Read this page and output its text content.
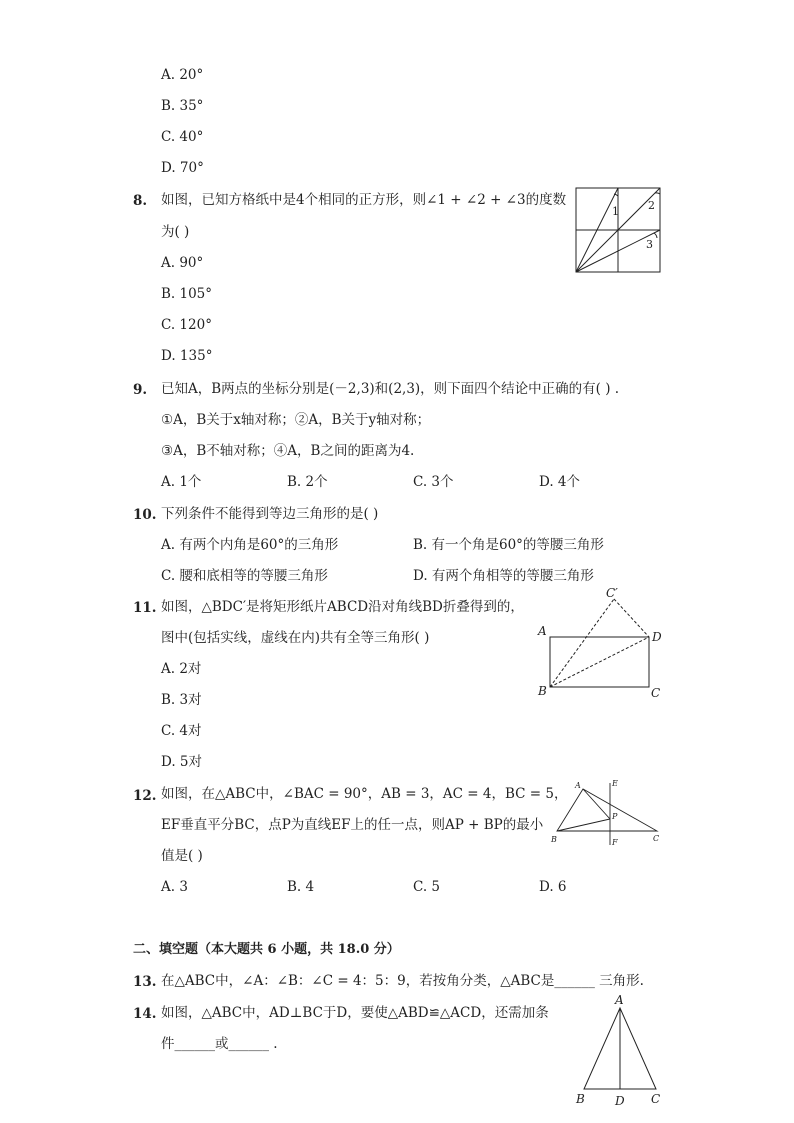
A. 20°
B. 35°
C. 40°
D. 70°
8. 如图，已知方格纸中是4个相同的正方形，则∠1 + ∠2 + ∠3的度数
为( )
A. 90°
B. 105°
C. 120°
D. 135°
1	2
3
9. 已知A，B两点的坐标分别是(－2,3)和(2,3)，则下面四个结论中正确的有( ) .
①A，B关于x轴对称；②A，B关于y轴对称；
③A，B不轴对称；④A，B之间的距离为4.
A. 1个	B. 2个	C. 3个	D. 4个
10. 下列条件不能得到等边三角形的是( )
A. 有两个内角是60°的三角形	B. 有一个角是60°的等腰三角形
C. 腰和底相等的等腰三角形	D. 有两个角相等的等腰三角形
11. 如图，△BDC′是将矩形纸片ABCD沿对角线BD折叠得到的，
图中(包括实线，虚线在内)共有全等三角形( )
A. 2对
B. 3对
C. 4对
D. 5对
A
B	C
D
C′
12. 如图，在△ABC中，∠BAC = 90°，AB = 3，AC = 4，BC = 5，
EF垂直平分BC，点P为直线EF上的任一点，则AP + BP的最小
值是( )
A. 3	B. 4	C. 5	D. 6
A
B	C
E
F
P
二、填空题（本大题共 6 小题，共 18.0 分）
13. 在△ABC中，∠A：∠B：∠C = 4：5：9，若按角分类，△ABC是______ 三角形.
14. 如图，△ABC中，AD⊥BC于D，要使△ABD≌△ACD，还需加条
件______或______ .
A
B	D C
